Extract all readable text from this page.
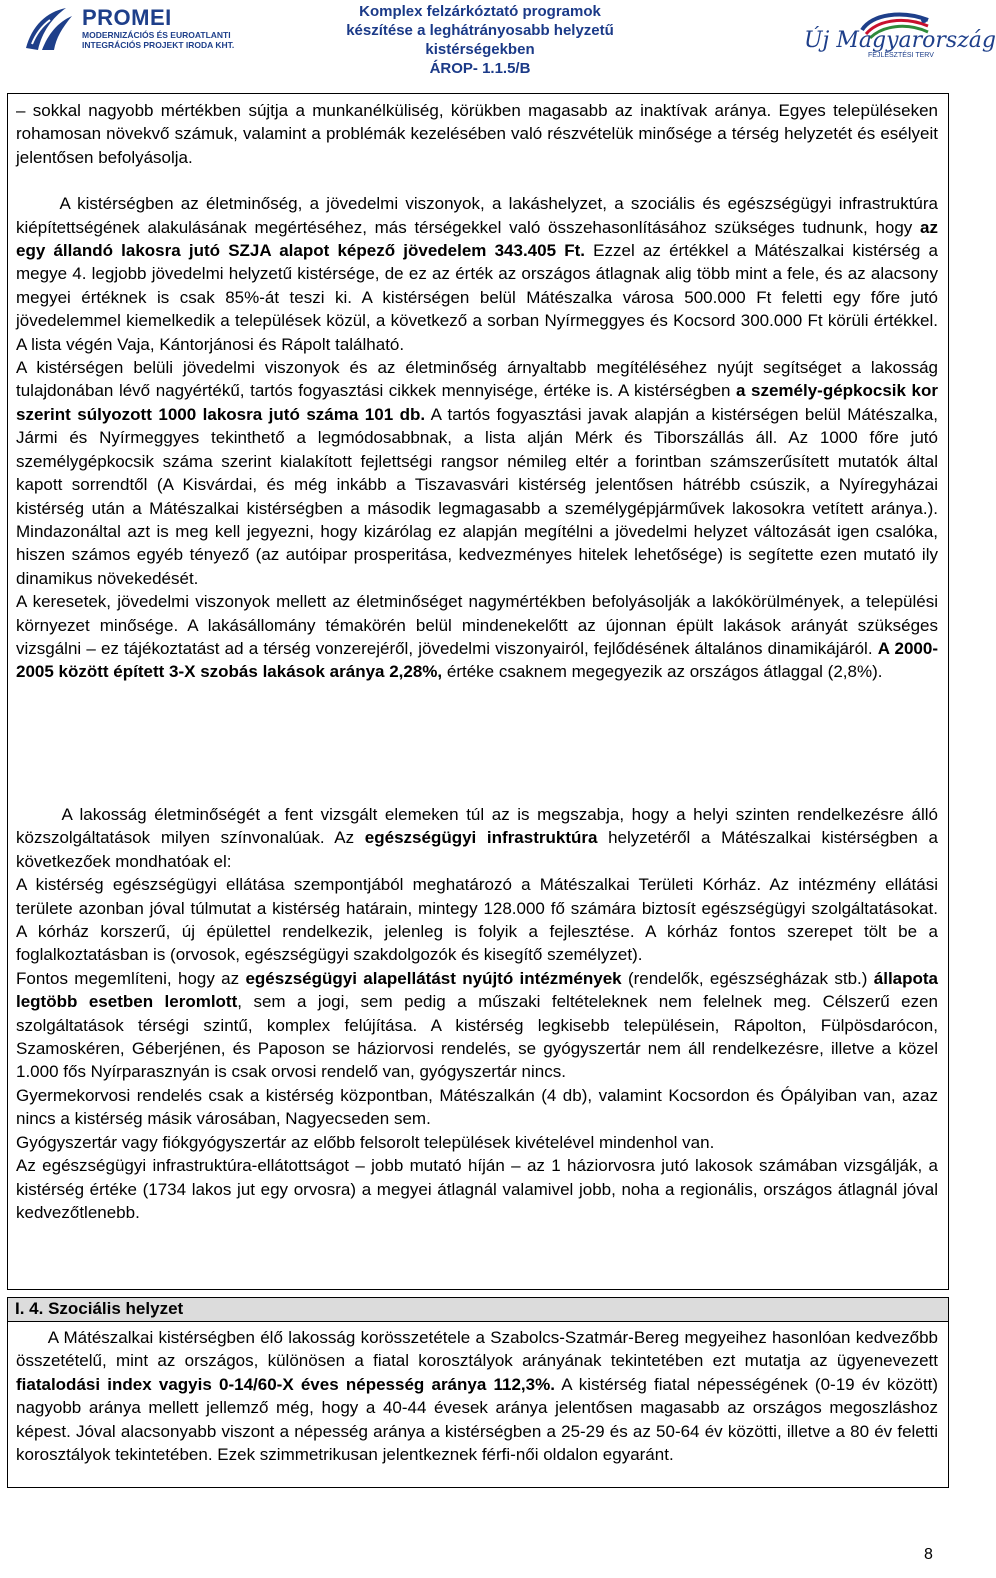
PROMEI
MODERNIZÁCIÓS ÉS EUROATLANTI
INTEGRÁCIÓS PROJEKT IRODA KHT.
Komplex felzárkóztató programok
készítése a leghátrányosabb helyzetű
kistérségekben
ÁROP- 1.1.5/B
Új Magyarország
FEJLESZTÉSI TERV

– sokkal nagyobb mértékben sújtja a munkanélküliség, körükben magasabb az inaktívak aránya. Egyes településeken rohamosan növekvő számuk, valamint a problémák kezelésében való részvételük minősége a térség helyzetét és esélyeit jelentősen befolyásolja.

A kistérségben az életminőség, a jövedelmi viszonyok, a lakáshelyzet, a szociális és egészségügyi infrastruktúra kiépítettségének alakulásának megértéséhez, más térségekkel való összehasonlításához szükséges tudnunk, hogy az egy állandó lakosra jutó SZJA alapot képező jövedelem 343.405 Ft. Ezzel az értékkel a Mátészalkai kistérség a megye 4. legjobb jövedelmi helyzetű kistérsége, de ez az érték az országos átlagnak alig több mint a fele, és az alacsony megyei értéknek is csak 85%-át teszi ki. A kistérségen belül Mátészalka városa 500.000 Ft feletti egy főre jutó jövedelemmel kiemelkedik a települések közül, a következő a sorban Nyírmeggyes és Kocsord 300.000 Ft körüli értékkel. A lista végén Vaja, Kántorjánosi és Rápolt található.

A kistérségen belüli jövedelmi viszonyok és az életminőség árnyaltabb megítéléséhez nyújt segítséget a lakosság tulajdonában lévő nagyértékű, tartós fogyasztási cikkek mennyisége, értéke is. A kistérségben a személy-gépkocsik kor szerint súlyozott 1000 lakosra jutó száma 101 db. A tartós fogyasztási javak alapján a kistérségen belül Mátészalka, Jármi és Nyírmeggyes tekinthető a legmódosabbnak, a lista alján Mérk és Tiborszállás áll. Az 1000 főre jutó személygépkocsik száma szerint kialakított fejlettségi rangsor némileg eltér a forintban számszerűsített mutatók által kapott sorrendtől (A Kisvárdai, és még inkább a Tiszavasvári kistérség jelentősen hátrébb csúszik, a Nyíregyházai kistérség után a Mátészalkai kistérségben a második legmagasabb a személygépjárművek lakosokra vetített aránya.). Mindazonáltal azt is meg kell jegyezni, hogy kizárólag ez alapján megítélni a jövedelmi helyzet változását igen csalóka, hiszen számos egyéb tényező (az autóipar prosperitása, kedvezményes hitelek lehetősége) is segítette ezen mutató ily dinamikus növekedését.

A keresetek, jövedelmi viszonyok mellett az életminőséget nagymértékben befolyásolják a lakókörülmények, a települési környezet minősége. A lakásállomány témakörén belül mindenekelőtt az újonnan épült lakások arányát szükséges vizsgálni – ez tájékoztatást ad a térség vonzerejéről, jövedelmi viszonyairól, fejlődésének általános dinamikájáról. A 2000-2005 között épített 3-X szobás lakások aránya 2,28%, értéke csaknem megegyezik az országos átlaggal (2,8%).

A lakosság életminőségét a fent vizsgált elemeken túl az is megszabja, hogy a helyi szinten rendelkezésre álló közszolgáltatások milyen színvonalúak. Az egészségügyi infrastruktúra helyzetéről a Mátészalkai kistérségben a következőek mondhatóak el:

A kistérség egészségügyi ellátása szempontjából meghatározó a Mátészalkai Területi Kórház. Az intézmény ellátási területe azonban jóval túlmutat a kistérség határain, mintegy 128.000 fő számára biztosít egészségügyi szolgáltatásokat. A kórház korszerű, új épülettel rendelkezik, jelenleg is folyik a fejlesztése. A kórház fontos szerepet tölt be a foglalkoztatásban is (orvosok, egészségügyi szakdolgozók és kisegítő személyzet).

Fontos megemlíteni, hogy az egészségügyi alapellátást nyújtó intézmények (rendelők, egészségházak stb.) állapota legtöbb esetben leromlott, sem a jogi, sem pedig a műszaki feltételeknek nem felelnek meg. Célszerű ezen szolgáltatások térségi szintű, komplex felújítása. A kistérség legkisebb településein, Rápolton, Fülpösdarócon, Szamoskéren, Géberjénen, és Paposon se háziorvosi rendelés, se gyógyszertár nem áll rendelkezésre, illetve a közel 1.000 fős Nyírparasznyán is csak orvosi rendelő van, gyógyszertár nincs.

Gyermekorvosi rendelés csak a kistérség központban, Mátészalkán (4 db), valamint Kocsordon és Ópályiban van, azaz nincs a kistérség másik városában, Nagyecseden sem.

Gyógyszertár vagy fiókgyógyszertár az előbb felsorolt települések kivételével mindenhol van.

Az egészségügyi infrastruktúra-ellátottságot – jobb mutató híján – az 1 háziorvosra jutó lakosok számában vizsgálják, a kistérség értéke (1734 lakos jut egy orvosra) a megyei átlagnál valamivel jobb, noha a regionális, országos átlagnál jóval kedvezőtlenebb.

I. 4. Szociális helyzet

A Mátészalkai kistérségben élő lakosság korösszetétele a Szabolcs-Szatmár-Bereg megyeihez hasonlóan kedvezőbb összetételű, mint az országos, különösen a fiatal korosztályok arányának tekintetében ezt mutatja az ügyenevezett fiatalodási index vagyis 0-14/60-X éves népesség aránya 112,3%. A kistérség fiatal népességének (0-19 év között) nagyobb aránya mellett jellemző még, hogy a 40-44 évesek aránya jelentősen magasabb az országos megoszláshoz képest. Jóval alacsonyabb viszont a népesség aránya a kistérségben a 25-29 és az 50-64 év közötti, illetve a 80 év feletti korosztályok tekintetében. Ezek szimmetrikusan jelentkeznek férfi-női oldalon egyaránt.

8
